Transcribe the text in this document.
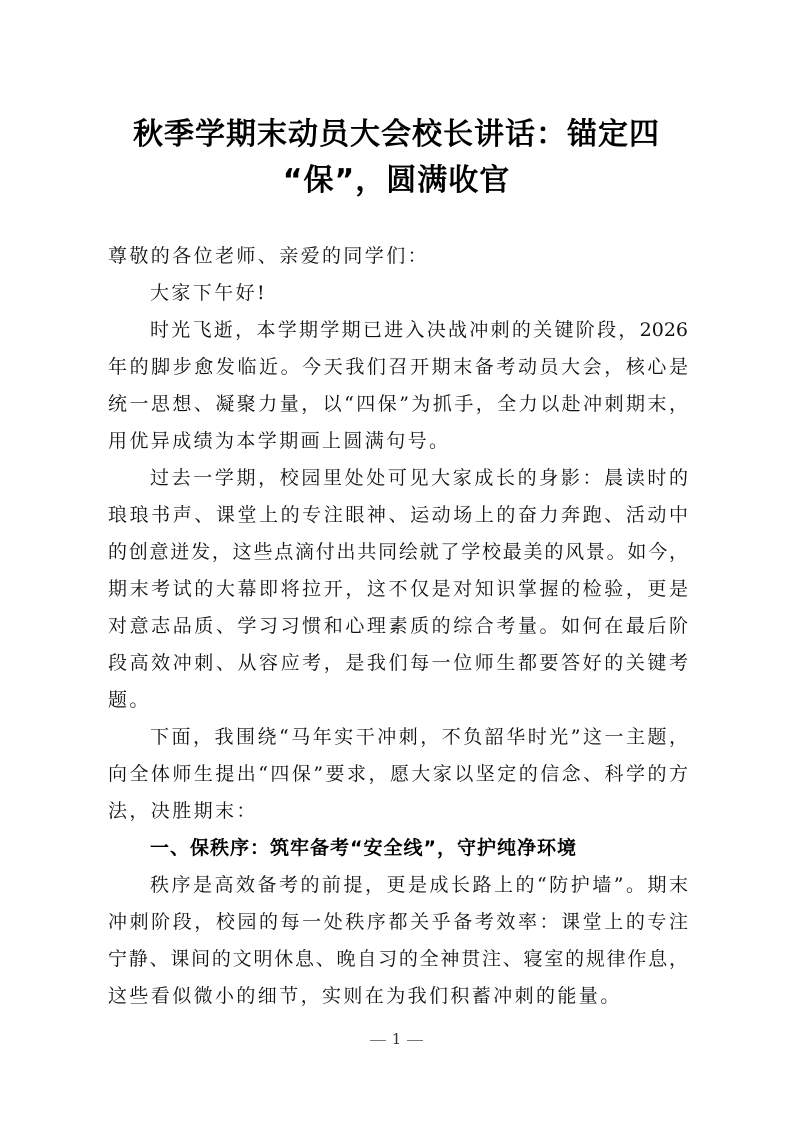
秋季学期末动员大会校长讲话：锚定四
“保”，圆满收官
尊敬的各位老师、亲爱的同学们：
大家下午好!
时光飞逝，本学期学期已进入决战冲刺的关键阶段，2026
年的脚步愈发临近。今天我们召开期末备考动员大会，核心是
统一思想、凝聚力量，以“四保”为抓手，全力以赴冲刺期末，
用优异成绩为本学期画上圆满句号。
过去一学期，校园里处处可见大家成长的身影：晨读时的
琅琅书声、课堂上的专注眼神、运动场上的奋力奔跑、活动中
的创意迸发，这些点滴付出共同绘就了学校最美的风景。如今，
期末考试的大幕即将拉开，这不仅是对知识掌握的检验，更是
对意志品质、学习习惯和心理素质的综合考量。如何在最后阶
段高效冲刺、从容应考，是我们每一位师生都要答好的关键考
题。
下面，我围绕“马年实干冲刺，不负韶华时光”这一主题，
向全体师生提出“四保”要求，愿大家以坚定的信念、科学的方
法，决胜期末：
一、保秩序：筑牢备考“安全线”，守护纯净环境
秩序是高效备考的前提，更是成长路上的“防护墙”。期末
冲刺阶段，校园的每一处秩序都关乎备考效率：课堂上的专注
宁静、课间的文明休息、晚自习的全神贯注、寝室的规律作息，
这些看似微小的细节，实则在为我们积蓄冲刺的能量。
1
